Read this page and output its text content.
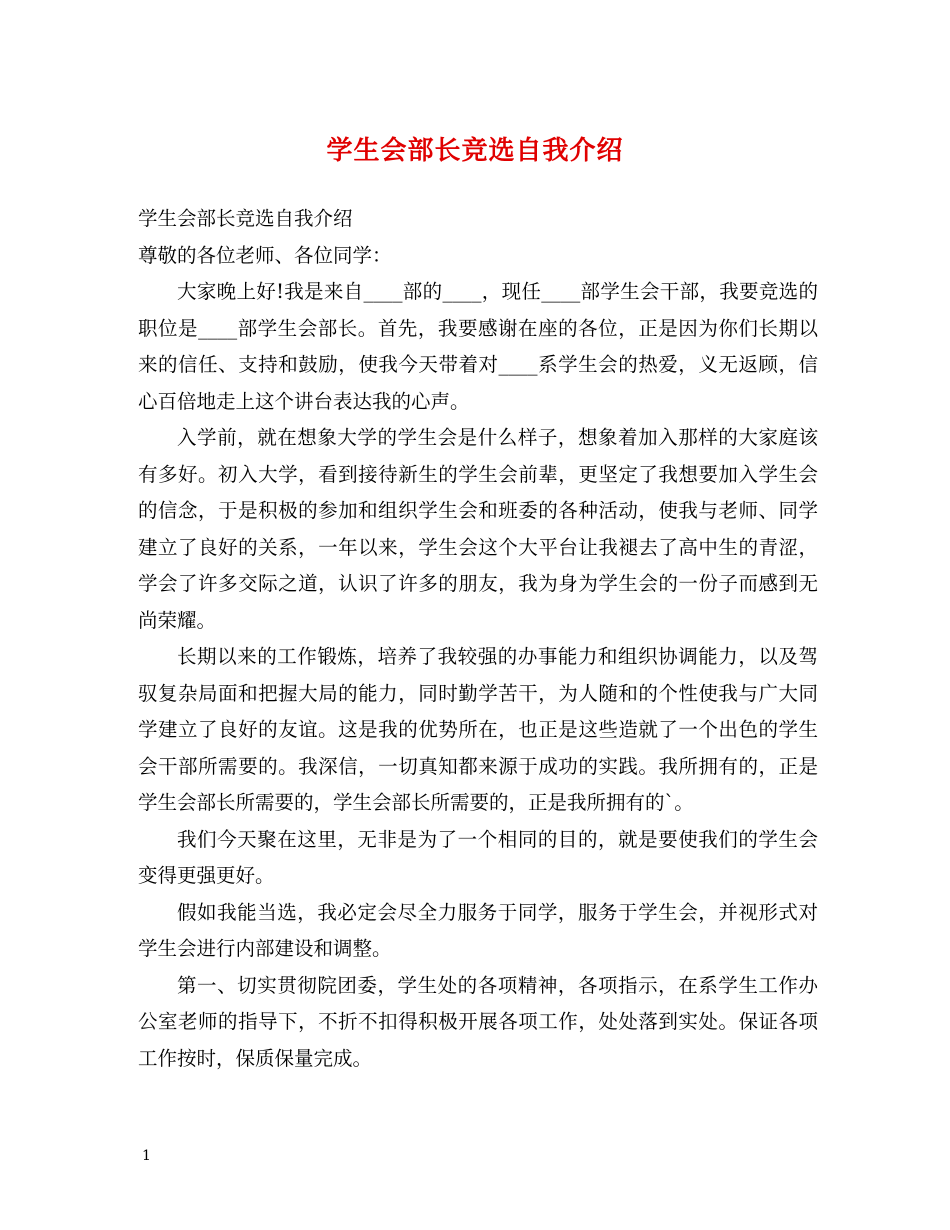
学生会部长竞选自我介绍
学生会部长竞选自我介绍
尊敬的各位老师、各位同学：
大家晚上好!我是来自____部的____，现任____部学生会干部，我要竞选的职位是____部学生会部长。首先，我要感谢在座的各位，正是因为你们长期以来的信任、支持和鼓励，使我今天带着对____系学生会的热爱，义无返顾，信心百倍地走上这个讲台表达我的心声。
入学前，就在想象大学的学生会是什么样子，想象着加入那样的大家庭该有多好。初入大学，看到接待新生的学生会前辈，更坚定了我想要加入学生会的信念，于是积极的参加和组织学生会和班委的各种活动，使我与老师、同学建立了良好的关系，一年以来，学生会这个大平台让我褪去了高中生的青涩，学会了许多交际之道，认识了许多的朋友，我为身为学生会的一份子而感到无尚荣耀。
长期以来的工作锻炼，培养了我较强的办事能力和组织协调能力，以及驾驭复杂局面和把握大局的能力，同时勤学苦干，为人随和的个性使我与广大同学建立了良好的友谊。这是我的优势所在，也正是这些造就了一个出色的学生会干部所需要的。我深信，一切真知都来源于成功的实践。我所拥有的，正是学生会部长所需要的，学生会部长所需要的，正是我所拥有的`。
我们今天聚在这里，无非是为了一个相同的目的，就是要使我们的学生会变得更强更好。
假如我能当选，我必定会尽全力服务于同学，服务于学生会，并视形式对学生会进行内部建设和调整。
第一、切实贯彻院团委，学生处的各项精神，各项指示，在系学生工作办公室老师的指导下，不折不扣得积极开展各项工作，处处落到实处。保证各项工作按时，保质保量完成。
1
